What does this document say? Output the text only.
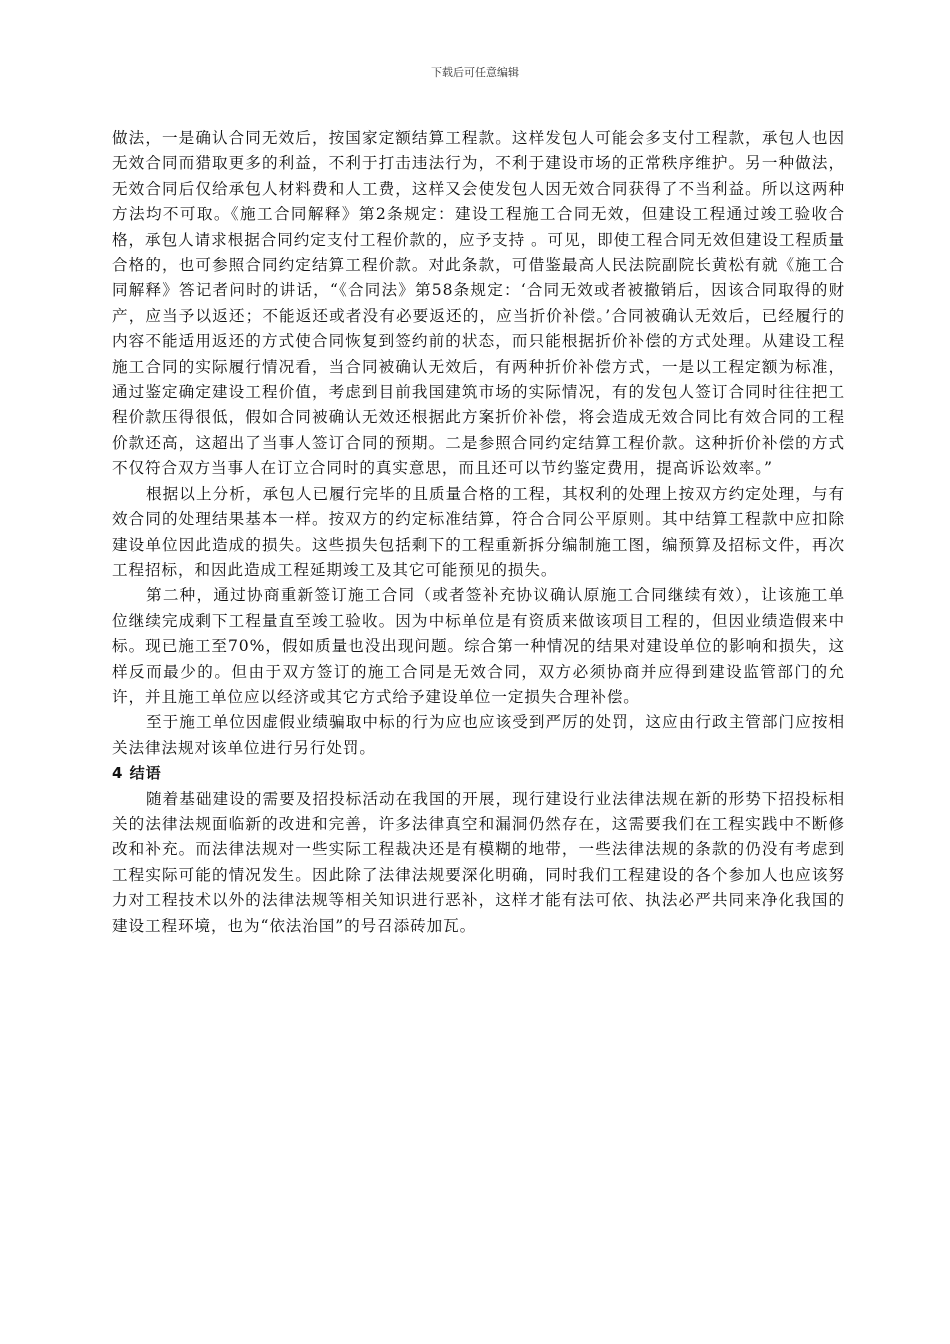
下载后可任意编辑

做法，一是确认合同无效后，按国家定额结算工程款。这样发包人可能会多支付工程款，承包人也因无效合同而猎取更多的利益，不利于打击违法行为，不利于建设市场的正常秩序维护。另一种做法，无效合同后仅给承包人材料费和人工费，这样又会使发包人因无效合同获得了不当利益。所以这两种方法均不可取。《施工合同解释》第2条规定：建设工程施工合同无效，但建设工程通过竣工验收合格，承包人请求根据合同约定支付工程价款的，应予支持 。可见，即使工程合同无效但建设工程质量合格的，也可参照合同约定结算工程价款。对此条款，可借鉴最高人民法院副院长黄松有就《施工合同解释》答记者问时的讲话，“《合同法》第58条规定：‘合同无效或者被撤销后，因该合同取得的财产，应当予以返还；不能返还或者没有必要返还的，应当折价补偿。’合同被确认无效后，已经履行的内容不能适用返还的方式使合同恢复到签约前的状态，而只能根据折价补偿的方式处理。从建设工程施工合同的实际履行情况看，当合同被确认无效后，有两种折价补偿方式，一是以工程定额为标准，通过鉴定确定建设工程价值，考虑到目前我国建筑市场的实际情况，有的发包人签订合同时往往把工程价款压得很低，假如合同被确认无效还根据此方案折价补偿，将会造成无效合同比有效合同的工程价款还高，这超出了当事人签订合同的预期。二是参照合同约定结算工程价款。这种折价补偿的方式不仅符合双方当事人在订立合同时的真实意思，而且还可以节约鉴定费用，提高诉讼效率。”

根据以上分析，承包人已履行完毕的且质量合格的工程，其权利的处理上按双方约定处理，与有效合同的处理结果基本一样。按双方的约定标准结算，符合合同公平原则。其中结算工程款中应扣除建设单位因此造成的损失。这些损失包括剩下的工程重新拆分编制施工图，编预算及招标文件，再次工程招标，和因此造成工程延期竣工及其它可能预见的损失。

第二种，通过协商重新签订施工合同（或者签补充协议确认原施工合同继续有效），让该施工单位继续完成剩下工程量直至竣工验收。因为中标单位是有资质来做该项目工程的，但因业绩造假来中标。现已施工至70%，假如质量也没出现问题。综合第一种情况的结果对建设单位的影响和损失，这样反而最少的。但由于双方签订的施工合同是无效合同，双方必须协商并应得到建设监管部门的允许，并且施工单位应以经济或其它方式给予建设单位一定损失合理补偿。

至于施工单位因虚假业绩骗取中标的行为应也应该受到严厉的处罚，这应由行政主管部门应按相关法律法规对该单位进行另行处罚。

4 结语

随着基础建设的需要及招投标活动在我国的开展，现行建设行业法律法规在新的形势下招投标相关的法律法规面临新的改进和完善，许多法律真空和漏洞仍然存在，这需要我们在工程实践中不断修改和补充。而法律法规对一些实际工程裁决还是有模糊的地带，一些法律法规的条款的仍没有考虑到工程实际可能的情况发生。因此除了法律法规要深化明确，同时我们工程建设的各个参加人也应该努力对工程技术以外的法律法规等相关知识进行恶补，这样才能有法可依、执法必严共同来净化我国的建设工程环境，也为“依法治国”的号召添砖加瓦。
